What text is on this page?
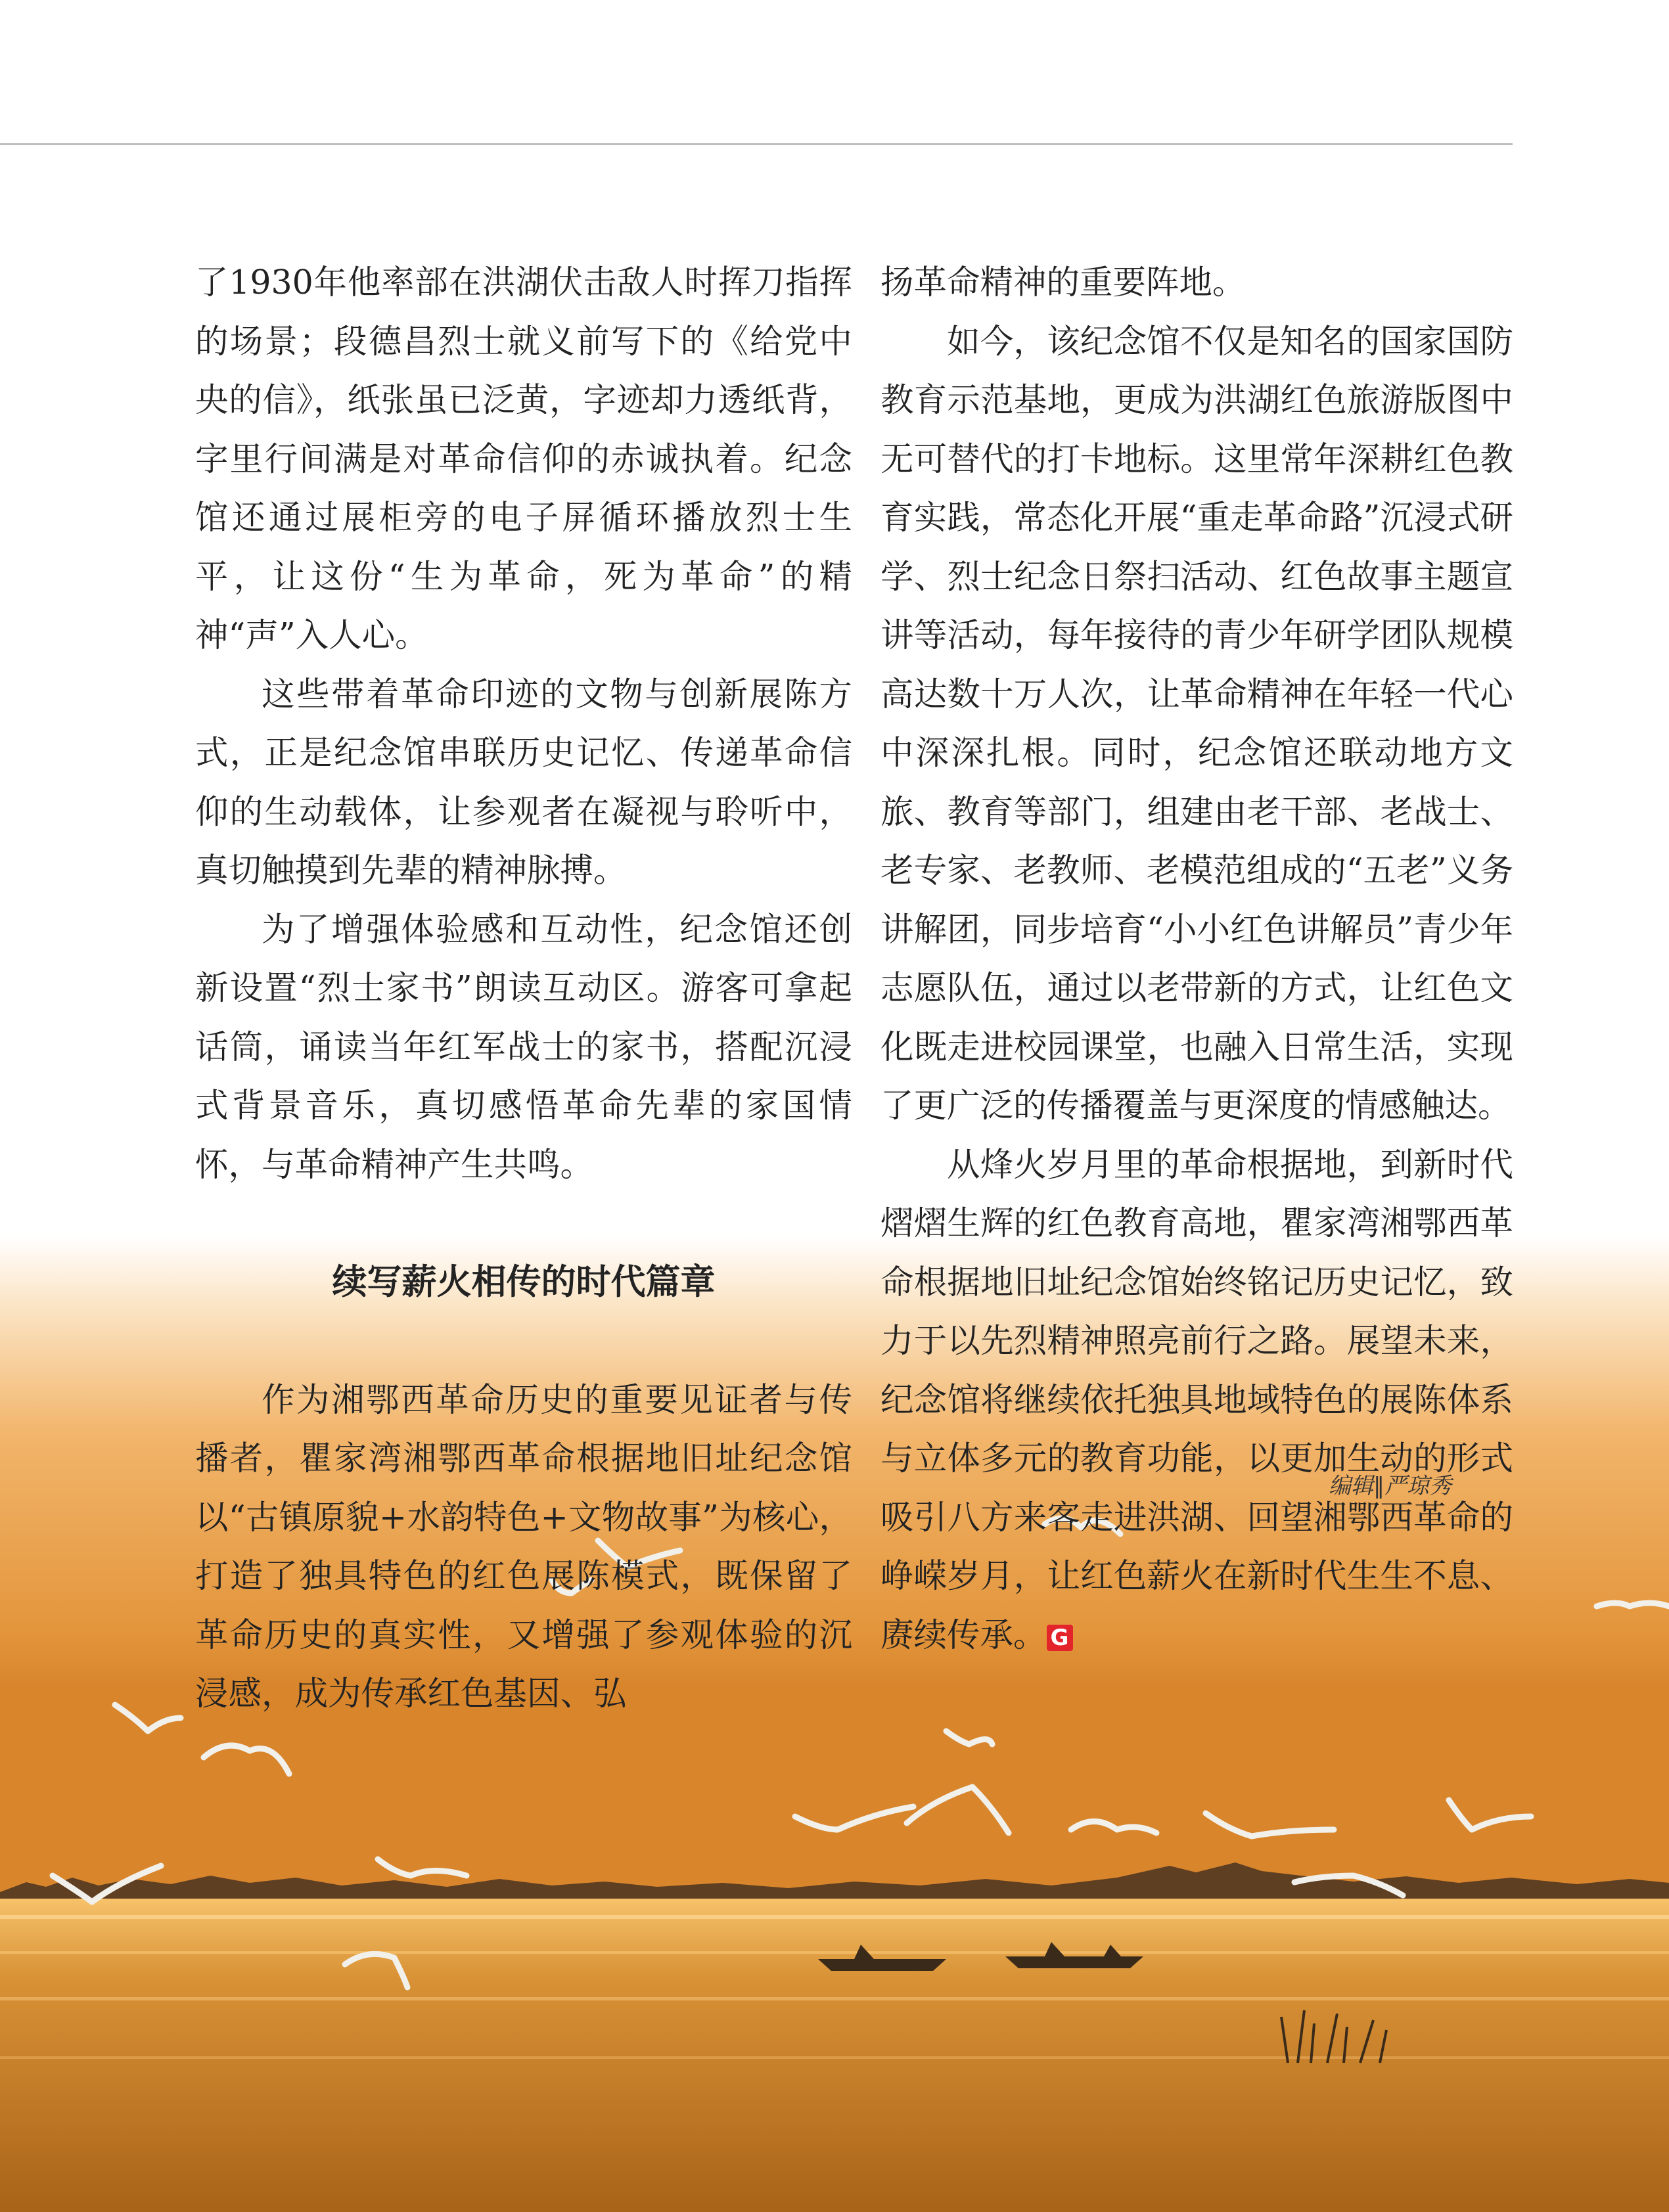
了1930年他率部在洪湖伏击敌人时挥刀指挥的场景；段德昌烈士就义前写下的《给党中央的信》，纸张虽已泛黄，字迹却力透纸背，字里行间满是对革命信仰的赤诚执着。纪念馆还通过展柜旁的电子屏循环播放烈士生平，让这份“生为革命，死为革命”的精神“声”入人心。

这些带着革命印迹的文物与创新展陈方式，正是纪念馆串联历史记忆、传递革命信仰的生动载体，让参观者在凝视与聆听中，真切触摸到先辈的精神脉搏。

为了增强体验感和互动性，纪念馆还创新设置“烈士家书”朗读互动区。游客可拿起话筒，诵读当年红军战士的家书，搭配沉浸式背景音乐，真切感悟革命先辈的家国情怀，与革命精神产生共鸣。

续写薪火相传的时代篇章

作为湘鄂西革命历史的重要见证者与传播者，瞿家湾湘鄂西革命根据地旧址纪念馆以“古镇原貌+水韵特色+文物故事”为核心，打造了独具特色的红色展陈模式，既保留了革命历史的真实性，又增强了参观体验的沉浸感，成为传承红色基因、弘

扬革命精神的重要阵地。

如今，该纪念馆不仅是知名的国家国防教育示范基地，更成为洪湖红色旅游版图中无可替代的打卡地标。这里常年深耕红色教育实践，常态化开展“重走革命路”沉浸式研学、烈士纪念日祭扫活动、红色故事主题宣讲等活动，每年接待的青少年研学团队规模高达数十万人次，让革命精神在年轻一代心中深深扎根。同时，纪念馆还联动地方文旅、教育等部门，组建由老干部、老战士、老专家、老教师、老模范组成的“五老”义务讲解团，同步培育“小小红色讲解员”青少年志愿队伍，通过以老带新的方式，让红色文化既走进校园课堂，也融入日常生活，实现了更广泛的传播覆盖与更深度的情感触达。

从烽火岁月里的革命根据地，到新时代熠熠生辉的红色教育高地，瞿家湾湘鄂西革命根据地旧址纪念馆始终铭记历史记忆，致力于以先烈精神照亮前行之路。展望未来，纪念馆将继续依托独具地域特色的展陈体系与立体多元的教育功能，以更加生动的形式吸引八方来客走进洪湖、回望湘鄂西革命的峥嵘岁月，让红色薪火在新时代生生不息、赓续传承。 G

编辑‖严琼秀
